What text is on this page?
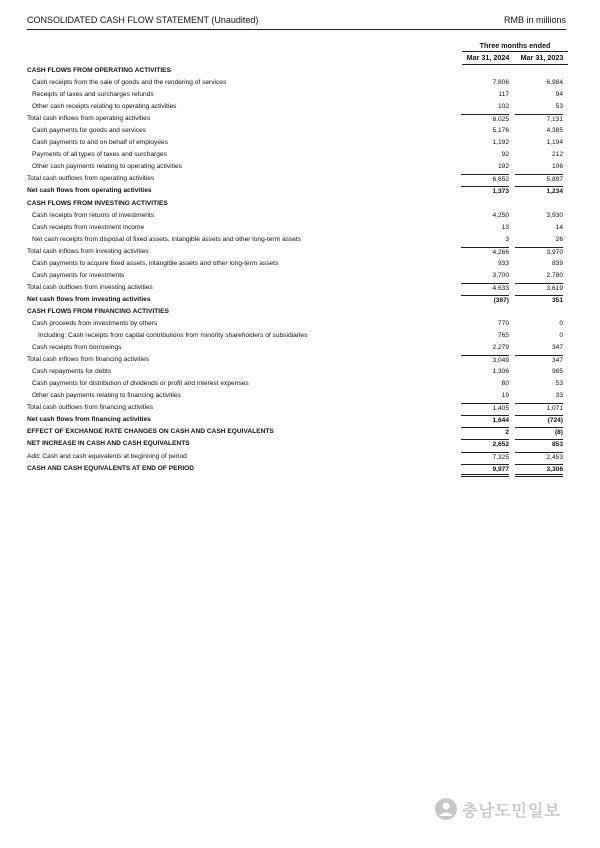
CONSOLIDATED CASH FLOW STATEMENT (Unaudited)	RMB in millions
Three months ended
Mar 31, 2024	Mar 31, 2023
CASH FLOWS FROM OPERATING ACTIVITIES
Cash receipts from the sale of goods and the rendering of services	7,806	6,984
Receipts of taxes and surcharges refunds	117	94
Other cash receipts relating to operating activities	102	53
Total cash inflows from operating activities	8,025	7,131
Cash payments for goods and services	5,176	4,385
Cash payments to and on behalf of employees	1,192	1,194
Payments of all types of taxes and surcharges	92	212
Other cash payments relating to operating activities	192	106
Total cash outflows from operating activities	6,652	5,897
Net cash flows from operating activities	1,373	1,234
CASH FLOWS FROM INVESTING ACTIVITIES
Cash receipts from returns of investments	4,250	3,930
Cash receipts from investment income	13	14
Net cash receipts from disposal of fixed assets, intangible assets and other long-term assets	3	26
Total cash inflows from investing activities	4,266	3,970
Cash payments to acquire fixed assets, intangible assets and other long-term assets	933	839
Cash payments for investments	3,700	2,780
Total cash outflows from investing activities	4,633	3,619
Net cash flows from investing activities	(367)	351
CASH FLOWS FROM FINANCING ACTIVITIES
Cash proceeds from investments by others	770	0
Including: Cash receipts from capital contributions from minority shareholders of subsidiaries	765	0
Cash receipts from borrowings	2,279	347
Total cash inflows from financing activities	3,049	347
Cash repayments for debts	1,306	985
Cash payments for distribution of dividends or profit and interest expenses	80	53
Other cash payments relating to financing activities	19	33
Total cash outflows from financing activities	1,405	1,071
Net cash flows from financing activities	1,644	(724)
EFFECT OF EXCHANGE RATE CHANGES ON CASH AND CASH EQUIVALENTS	2	(8)
NET INCREASE IN CASH AND CASH EQUIVALENTS	2,652	853
Add: Cash and cash equivalents at beginning of period	7,325	2,453
CASH AND CASH EQUIVALENTS AT END OF PERIOD	9,977	3,306
충남도민일보
